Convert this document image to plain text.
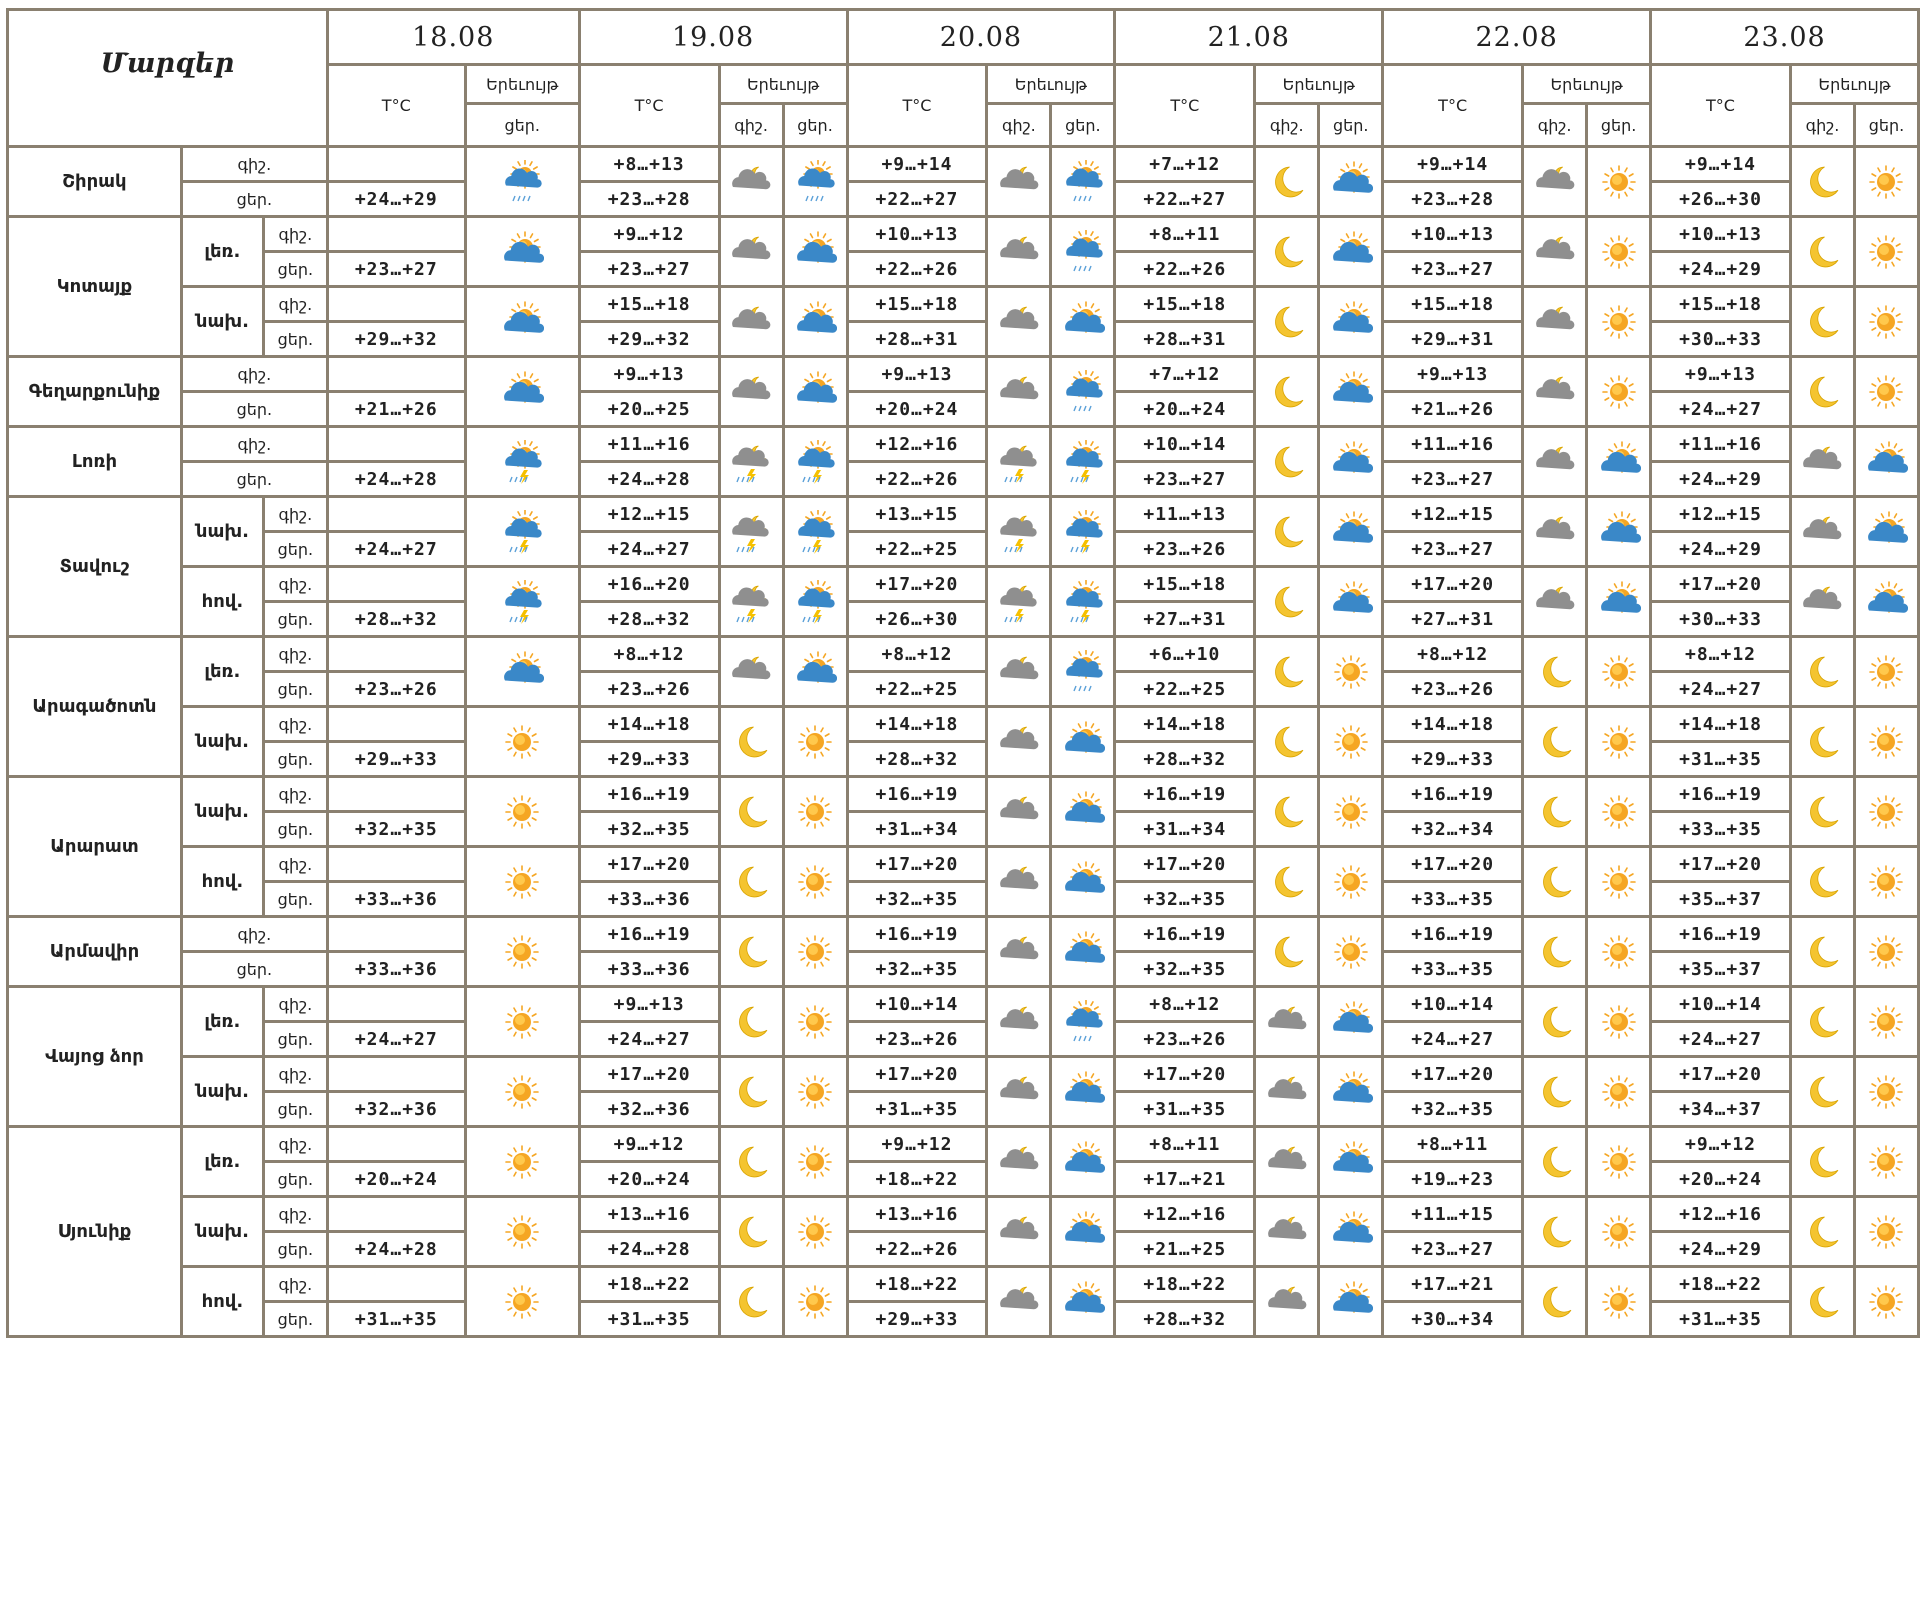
Մարզեր			18.08		19.08			20.08			21.08			22.08			23.08		
			T°C	Երեւույթ	T°C	Երեւույթ		T°C	Երեւույթ		T°C	Երեւույթ		T°C	Երեւույթ		T°C	Երեւույթ	
				ցեր.		գիշ.	ցեր.		գիշ.	ցեր.		գիշ.	ցեր.		գիշ.	ցեր.		գիշ.	ցեր.
Շիրակ	գիշ.				+8…+13			+9…+14			+7…+12			+9…+14			+9…+14	

	ցեր.		+24…+29		+23…+28			+22…+27			+22…+27			+23…+28			+26…+30		
Կոտայք	լեռ.	գիշ.			+9…+12			+10…+13			+8…+11			+10…+13			+10…+13	

		ցեր.	+23…+27		+23…+27			+22…+26			+22…+26			+23…+27			+24…+29		
	նախ.	գիշ.			+15…+18			+15…+18			+15…+18			+15…+18			+15…+18	

		ցեր.	+29…+32		+29…+32			+28…+31			+28…+31			+29…+31			+30…+33		
Գեղարքունիք	գիշ.				+9…+13			+9…+13			+7…+12			+9…+13			+9…+13	

	ցեր.		+21…+26		+20…+25			+20…+24			+20…+24			+21…+26			+24…+27		
Լոռի	գիշ.				+11…+16			+12…+16			+10…+14			+11…+16			+11…+16	

	ցեր.		+24…+28		+24…+28			+22…+26			+23…+27			+23…+27			+24…+29		
Տավուշ	նախ.	գիշ.			+12…+15			+13…+15			+11…+13			+12…+15			+12…+15	

		ցեր.	+24…+27		+24…+27			+22…+25			+23…+26			+23…+27			+24…+29		
	հով.	գիշ.			+16…+20			+17…+20			+15…+18			+17…+20			+17…+20	

		ցեր.	+28…+32		+28…+32			+26…+30			+27…+31			+27…+31			+30…+33		
Արագածոտն	լեռ.	գիշ.			+8…+12			+8…+12			+6…+10			+8…+12			+8…+12	

		ցեր.	+23…+26		+23…+26			+22…+25			+22…+25			+23…+26			+24…+27		
	նախ.	գիշ.			+14…+18			+14…+18			+14…+18			+14…+18			+14…+18	

		ցեր.	+29…+33		+29…+33			+28…+32			+28…+32			+29…+33			+31…+35		
Արարատ	նախ.	գիշ.			+16…+19			+16…+19			+16…+19			+16…+19			+16…+19	

		ցեր.	+32…+35		+32…+35			+31…+34			+31…+34			+32…+34			+33…+35		
	հով.	գիշ.			+17…+20			+17…+20			+17…+20			+17…+20			+17…+20	

		ցեր.	+33…+36		+33…+36			+32…+35			+32…+35			+33…+35			+35…+37		
Արմավիր	գիշ.				+16…+19			+16…+19			+16…+19			+16…+19			+16…+19	

	ցեր.		+33…+36		+33…+36			+32…+35			+32…+35			+33…+35			+35…+37		
Վայոց ձոր	լեռ.	գիշ.			+9…+13			+10…+14			+8…+12			+10…+14			+10…+14	

		ցեր.	+24…+27		+24…+27			+23…+26			+23…+26			+24…+27			+24…+27		
	նախ.	գիշ.			+17…+20			+17…+20			+17…+20			+17…+20			+17…+20	

		ցեր.	+32…+36		+32…+36			+31…+35			+31…+35			+32…+35			+34…+37		
Սյունիք	լեռ.	գիշ.			+9…+12			+9…+12			+8…+11			+8…+11			+9…+12	

		ցեր.	+20…+24		+20…+24			+18…+22			+17…+21			+19…+23			+20…+24		
	նախ.	գիշ.			+13…+16			+13…+16			+12…+16			+11…+15			+12…+16	

		ցեր.	+24…+28		+24…+28			+22…+26			+21…+25			+23…+27			+24…+29		
	հով.	գիշ.			+18…+22			+18…+22			+18…+22			+17…+21			+18…+22	

		ցեր.	+31…+35		+31…+35			+29…+33			+28…+32			+30…+34			+31…+35		
